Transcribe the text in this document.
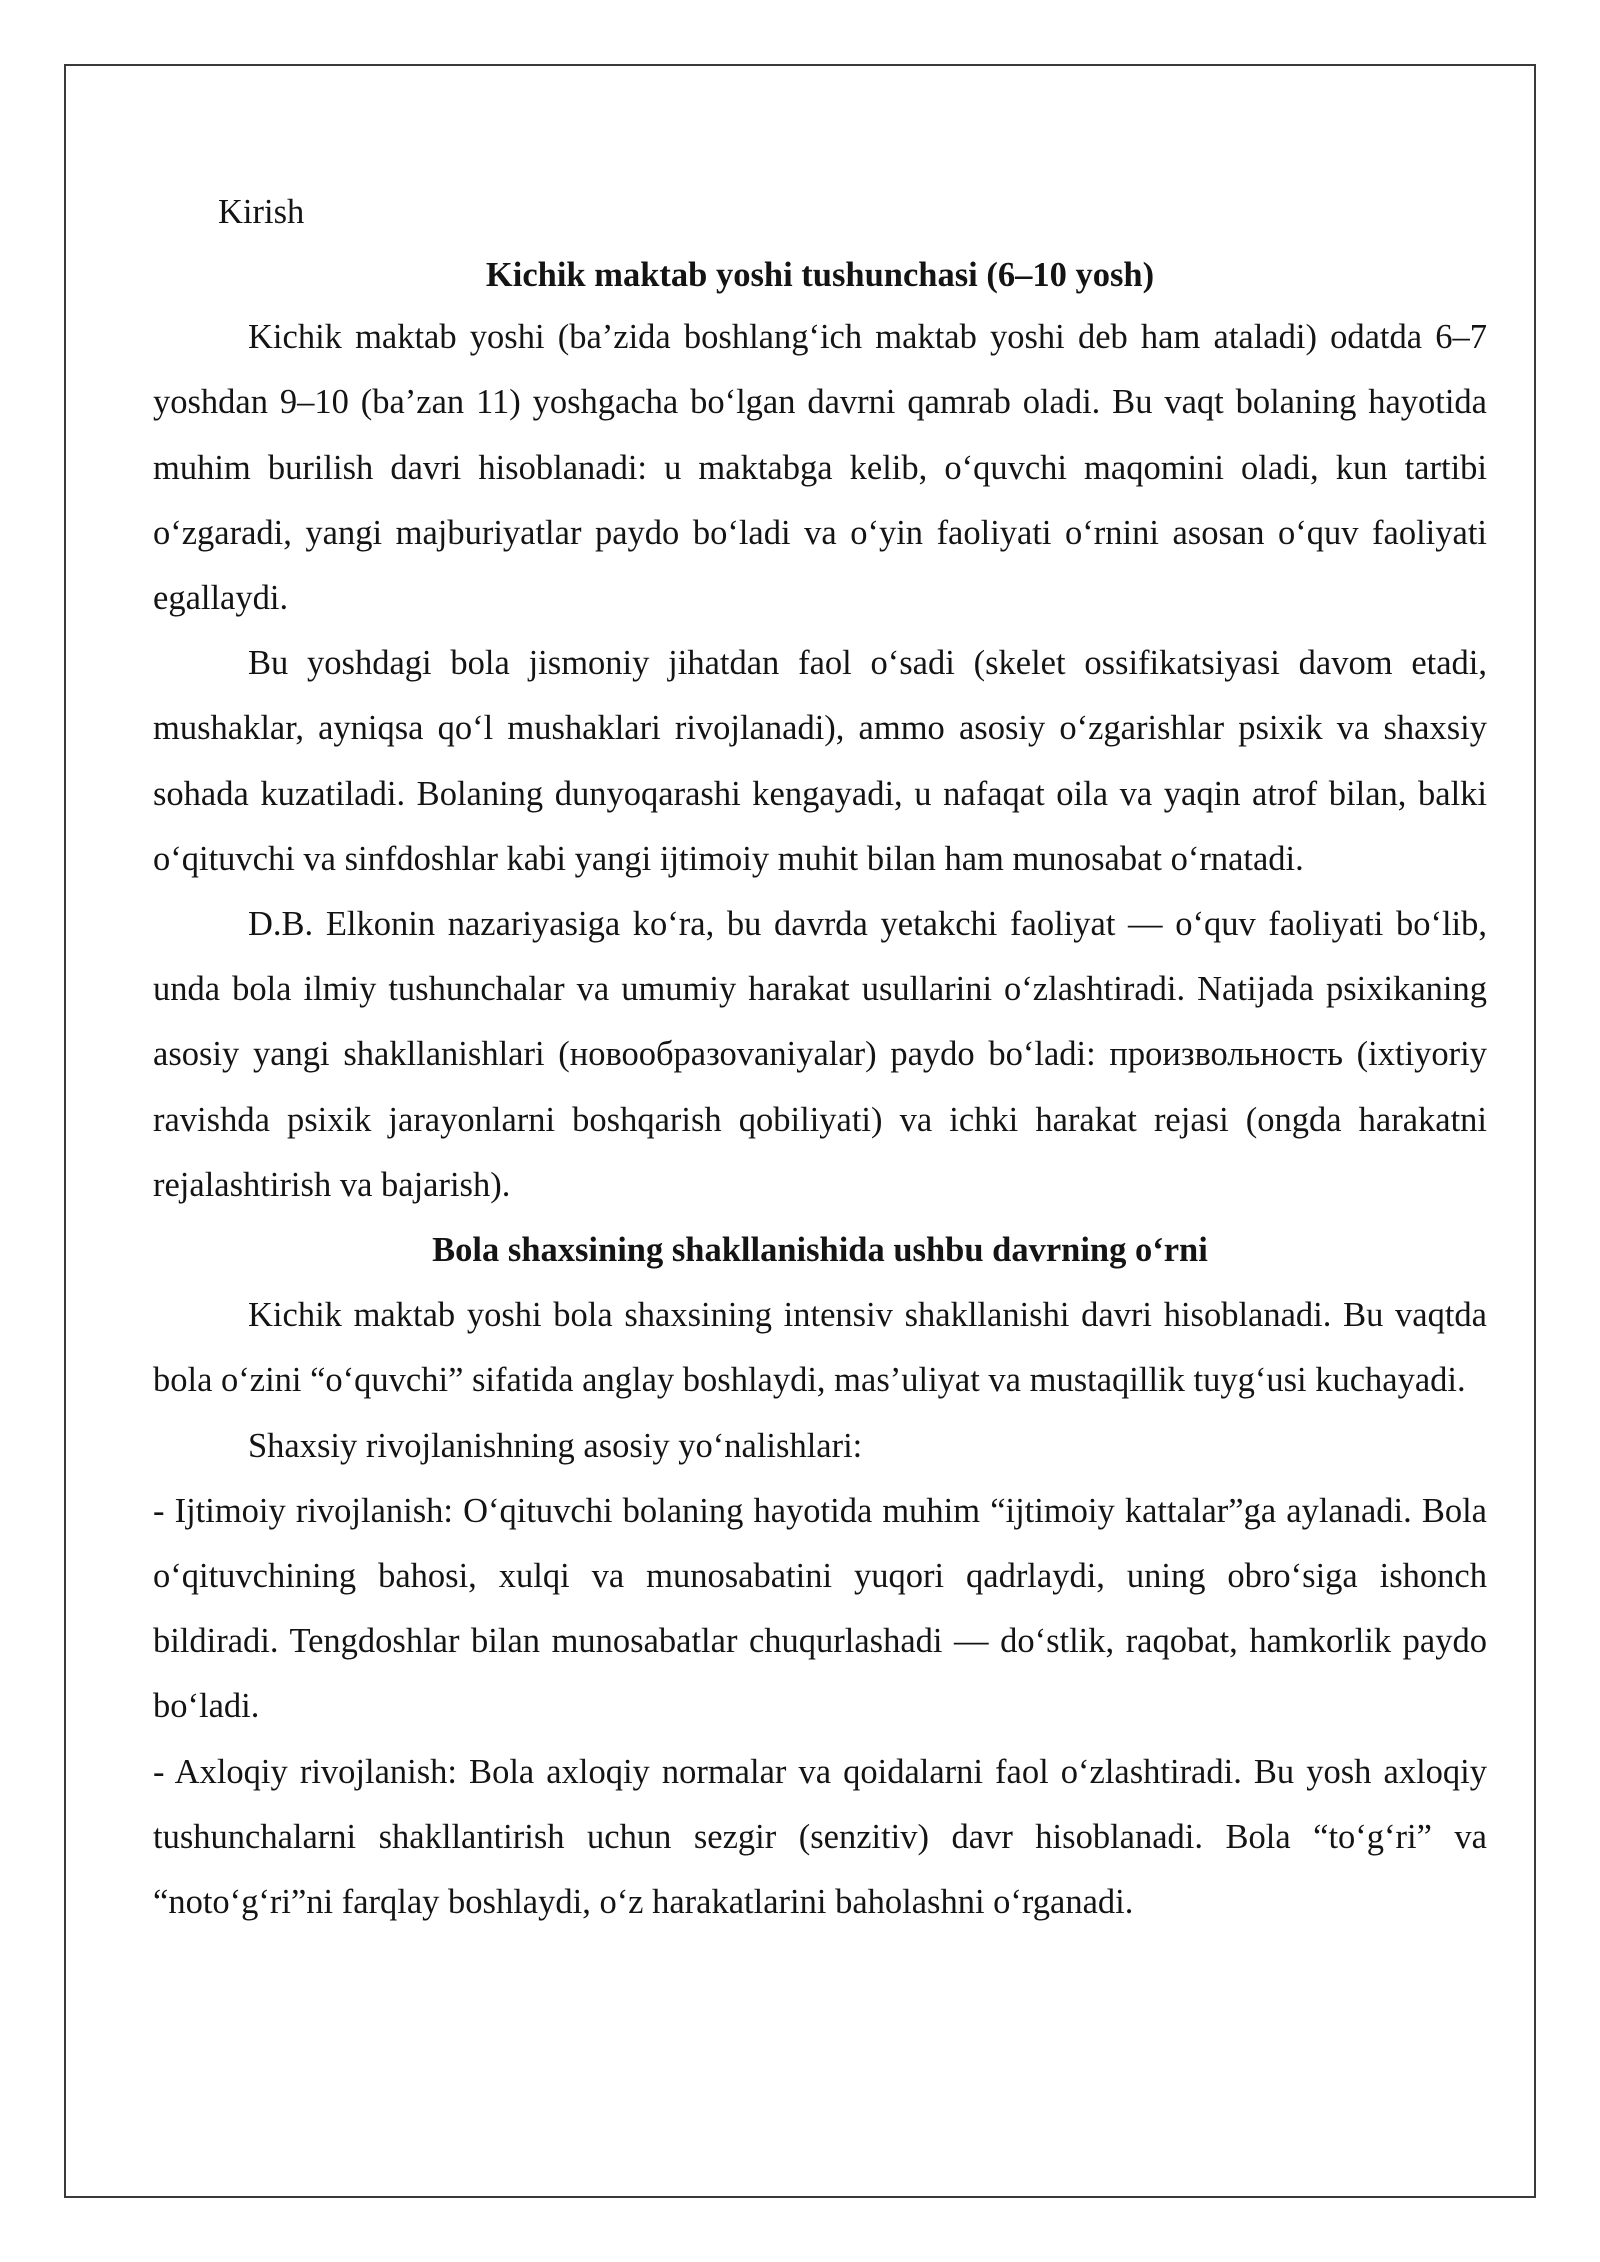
Kirish

Kichik maktab yoshi tushunchasi (6–10 yosh)

Kichik maktab yoshi (ba’zida boshlang‘ich maktab yoshi deb ham ataladi) odatda 6–7 yoshdan 9–10 (ba’zan 11) yoshgacha bo‘lgan davrni qamrab oladi. Bu vaqt bolaning hayotida muhim burilish davri hisoblanadi: u maktabga kelib, o‘quvchi maqomini oladi, kun tartibi o‘zgaradi, yangi majburiyatlar paydo bo‘ladi va o‘yin faoliyati o‘rnini asosan o‘quv faoliyati egallaydi.

Bu yoshdagi bola jismoniy jihatdan faol o‘sadi (skelet ossifikatsiyasi davom etadi, mushaklar, ayniqsa qo‘l mushaklari rivojlanadi), ammo asosiy o‘zgarishlar psixik va shaxsiy sohada kuzatiladi. Bolaning dunyoqarashi kengayadi, u nafaqat oila va yaqin atrof bilan, balki o‘qituvchi va sinfdoshlar kabi yangi ijtimoiy muhit bilan ham munosabat o‘rnatadi.

D.B. Elkonin nazariyasiga ko‘ra, bu davrda yetakchi faoliyat — o‘quv faoliyati bo‘lib, unda bola ilmiy tushunchalar va umumiy harakat usullarini o‘zlashtiradi. Natijada psixikaning asosiy yangi shakllanishlari (новообразоvaniyalar) paydo bo‘ladi: произвольность (ixtiyoriy ravishda psixik jarayonlarni boshqarish qobiliyati) va ichki harakat rejasi (ongda harakatni rejalashtirish va bajarish).

Bola shaxsining shakllanishida ushbu davrning o‘rni

Kichik maktab yoshi bola shaxsining intensiv shakllanishi davri hisoblanadi. Bu vaqtda bola o‘zini “o‘quvchi” sifatida anglay boshlaydi, mas’uliyat va mustaqillik tuyg‘usi kuchayadi.

Shaxsiy rivojlanishning asosiy yo‘nalishlari:

- Ijtimoiy rivojlanish: O‘qituvchi bolaning hayotida muhim “ijtimoiy kattalar”ga aylanadi. Bola o‘qituvchining bahosi, xulqi va munosabatini yuqori qadrlaydi, uning obro‘siga ishonch bildiradi. Tengdoshlar bilan munosabatlar chuqurlashadi — do‘stlik, raqobat, hamkorlik paydo bo‘ladi.

- Axloqiy rivojlanish: Bola axloqiy normalar va qoidalarni faol o‘zlashtiradi. Bu yosh axloqiy tushunchalarni shakllantirish uchun sezgir (senzitiv) davr hisoblanadi. Bola “to‘g‘ri” va “noto‘g‘ri”ni farqlay boshlaydi, o‘z harakatlarini baholashni o‘rganadi.
